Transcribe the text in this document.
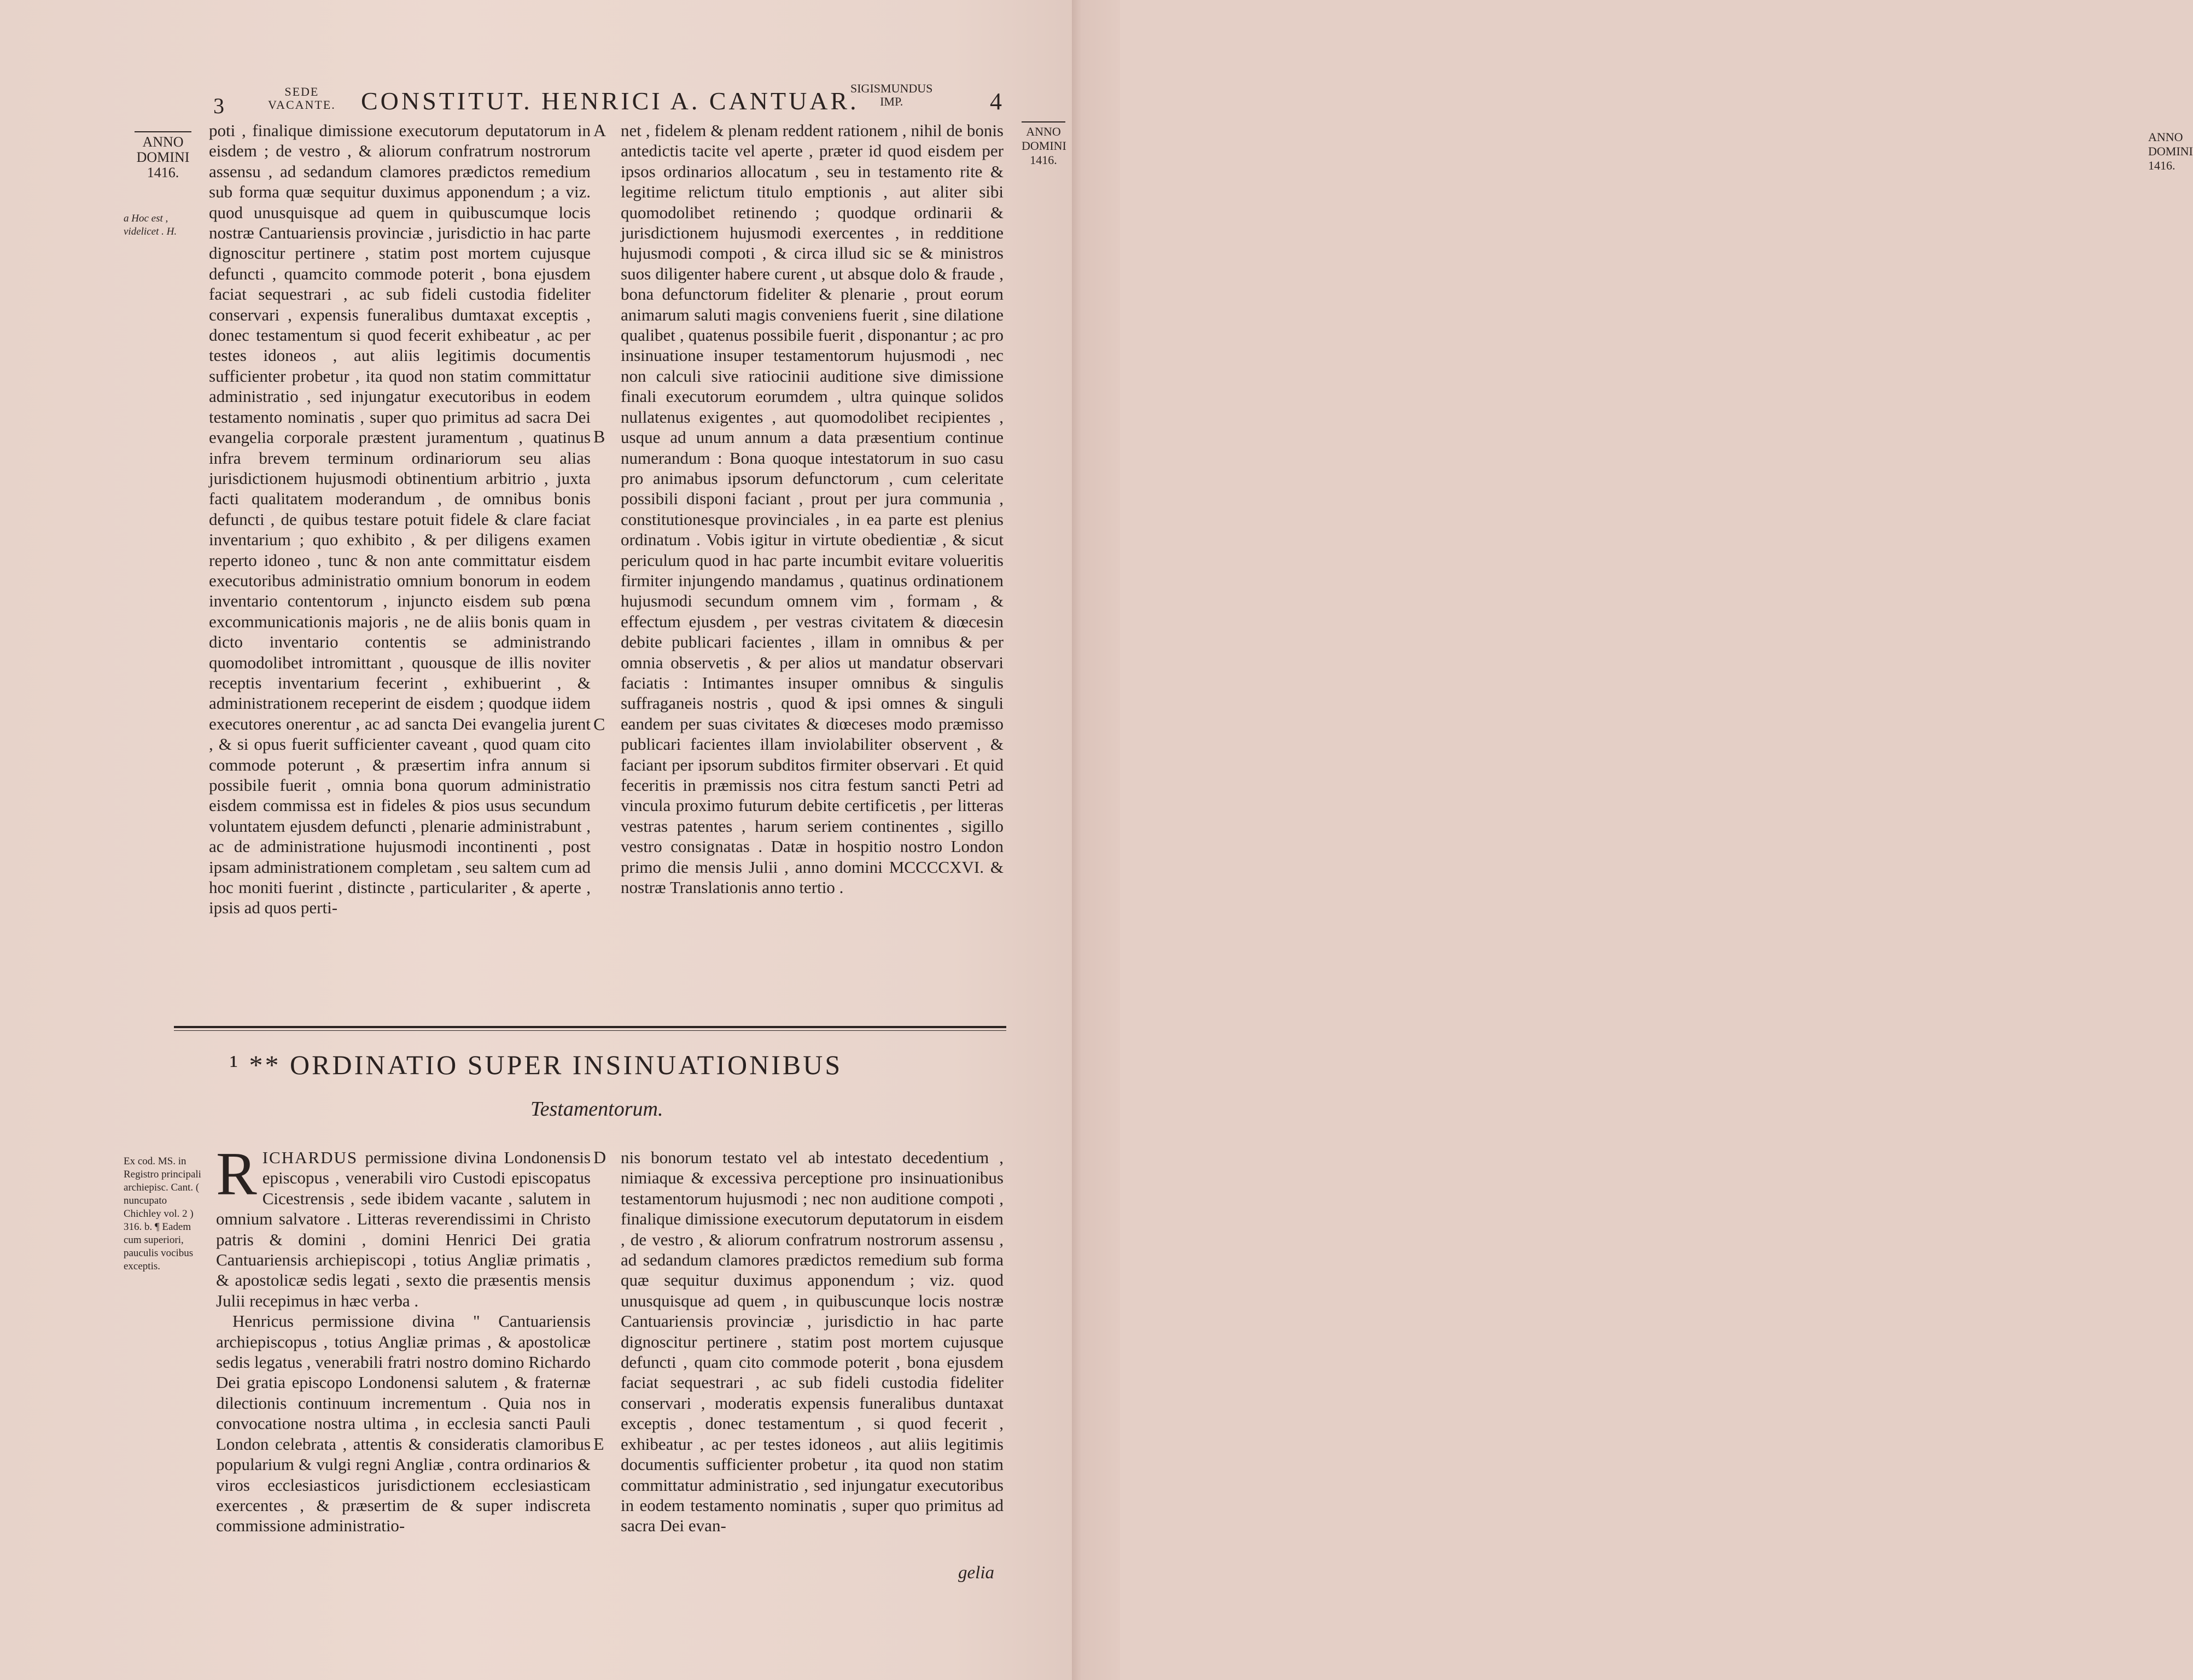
3
SEDE
VACANTE. CONSTITUT. HENRICI A. CANTUAR.
SIGISMUNDUS
IMP.	4
ANNO
DOMINI
1416.
a Hoc est , videlicet . H.
ANNO
DOMINI
1416.

poti , finalique dimissione executorum deputatorum in eisdem ; de vestro , & aliorum confratrum nostrorum assensu , ad sedandum clamores prædictos remedium sub forma quæ sequitur duximus apponendum ; a viz. quod unusquisque ad quem in quibuscumque locis nostræ Cantuariensis provinciæ , jurisdictio in hac parte dignoscitur pertinere , statim post mortem cujusque defuncti , quamcito commode poterit , bona ejusdem faciat sequestrari , ac sub fideli custodia fideliter conservari , expensis funeralibus dumtaxat exceptis , donec testamentum si quod fecerit exhibeatur , ac per testes idoneos , aut aliis legitimis documentis sufficienter probetur , ita quod non statim committatur administratio , sed injungatur executoribus in eodem testamento nominatis , super quo primitus ad sacra Dei evangelia corporale præstent juramentum , quatinus infra brevem terminum ordinariorum seu alias jurisdictionem hujusmodi obtinentium arbitrio , juxta facti qualitatem moderandum , de omnibus bonis defuncti , de quibus testare potuit fidele & clare faciat inventarium ; quo exhibito , & per diligens examen reperto idoneo , tunc & non ante committatur eisdem executoribus administratio omnium bonorum in eodem inventario contentorum , injuncto eisdem sub pœna excommunicationis majoris , ne de aliis bonis quam in dicto inventario contentis se administrando quomodolibet intromittant , quousque de illis noviter receptis inventarium fecerint , exhibuerint , & administrationem receperint de eisdem ; quodque iidem executores onerentur , ac ad sancta Dei evangelia jurent , & si opus fuerit sufficienter caveant , quod quam cito commode poterunt , & præsertim infra annum si possibile fuerit , omnia bona quorum administratio eisdem commissa est in fideles & pios usus secundum voluntatem ejusdem defuncti , plenarie administrabunt , ac de administratione hujusmodi incontinenti , post ipsam administrationem completam , seu saltem cum ad hoc moniti fuerint , distincte , particulariter , & aperte , ipsis ad quos perti-

net , fidelem & plenam reddent rationem , nihil de bonis antedictis tacite vel aperte , præter id quod eisdem per ipsos ordinarios allocatum , seu in testamento rite & legitime relictum titulo emptionis , aut aliter sibi quomodolibet retinendo ; quodque ordinarii & jurisdictionem hujusmodi exercentes , in redditione hujusmodi compoti , & circa illud sic se & ministros suos diligenter habere curent , ut absque dolo & fraude , bona defunctorum fideliter & plenarie , prout eorum animarum saluti magis conveniens fuerit , sine dilatione qualibet , quatenus possibile fuerit , disponantur ; ac pro insinuatione insuper testamentorum hujusmodi , nec non calculi sive ratiocinii auditione sive dimissione finali executorum eorumdem , ultra quinque solidos nullatenus exigentes , aut quomodolibet recipientes , usque ad unum annum a data præsentium continue numerandum : Bona quoque intestatorum in suo casu pro animabus ipsorum defunctorum , cum celeritate possibili disponi faciant , prout per jura communia , constitutionesque provinciales , in ea parte est plenius ordinatum . Vobis igitur in virtute obedientiæ , & sicut periculum quod in hac parte incumbit evitare volueritis firmiter injungendo mandamus , quatinus ordinationem hujusmodi secundum omnem vim , formam , & effectum ejusdem , per vestras civitatem & diœcesin debite publicari facientes , illam in omnibus & per omnia observetis , & per alios ut mandatur observari faciatis : Intimantes insuper omnibus & singulis suffraganeis nostris , quod & ipsi omnes & singuli eandem per suas civitates & diœceses modo præmisso publicari facientes illam inviolabiliter observent , & faciant per ipsorum subditos firmiter observari . Et quid feceritis in præmissis nos citra festum sancti Petri ad vincula proximo futurum debite certificetis , per litteras vestras patentes , harum seriem continentes , sigillo vestro consignatas . Datæ in hospitio nostro London primo die mensis Julii , anno domini MCCCCXVI. & nostræ Translationis anno tertio .

A
B
C
¹ ** ORDINATIO SUPER INSINUATIONIBUS
Testamentorum.
Ex cod. MS. in Registro principali archiepisc. Cant. ( nuncupato Chichley vol. 2 ) 316. b. ¶ Eadem cum superiori, pauculis vocibus exceptis.

RICHARDUS permissione divina Londonensis episcopus , venerabili viro Custodi episcopatus Cicestrensis , sede ibidem vacante , salutem in omnium salvatore . Litteras reverendissimi in Christo patris & domini , domini Henrici Dei gratia Cantuariensis archiepiscopi , totius Angliæ primatis , & apostolicæ sedis legati , sexto die præsentis mensis Julii recepimus in hæc verba .

Henricus permissione divina " Cantuariensis archiepiscopus , totius Angliæ primas , & apostolicæ sedis legatus , venerabili fratri nostro domino Richardo Dei gratia episcopo Londonensi salutem , & fraternæ dilectionis continuum incrementum . Quia nos in convocatione nostra ultima , in ecclesia sancti Pauli London celebrata , attentis & consideratis clamoribus popularium & vulgi regni Angliæ , contra ordinarios & viros ecclesiasticos jurisdictionem ecclesiasticam exercentes , & præsertim de & super indiscreta commissione administratio-

nis bonorum testato vel ab intestato decedentium , nimiaque & excessiva perceptione pro insinuationibus testamentorum hujusmodi ; nec non auditione compoti , finalique dimissione executorum deputatorum in eisdem , de vestro , & aliorum confratrum nostrorum assensu , ad sedandum clamores prædictos remedium sub forma quæ sequitur duximus apponendum ; viz. quod unusquisque ad quem , in quibuscunque locis nostræ Cantuariensis provinciæ , jurisdictio in hac parte dignoscitur pertinere , statim post mortem cujusque defuncti , quam cito commode poterit , bona ejusdem faciat sequestrari , ac sub fideli custodia fideliter conservari , moderatis expensis funeralibus duntaxat exceptis , donec testamentum , si quod fecerit , exhibeatur , ac per testes idoneos , aut aliis legitimis documentis sufficienter probetur , ita quod non statim committatur administratio , sed injungatur executoribus in eodem testamento nominatis , super quo primitus ad sacra Dei evan-

D
E
gelia
ANNO
DOMINI
1416.
